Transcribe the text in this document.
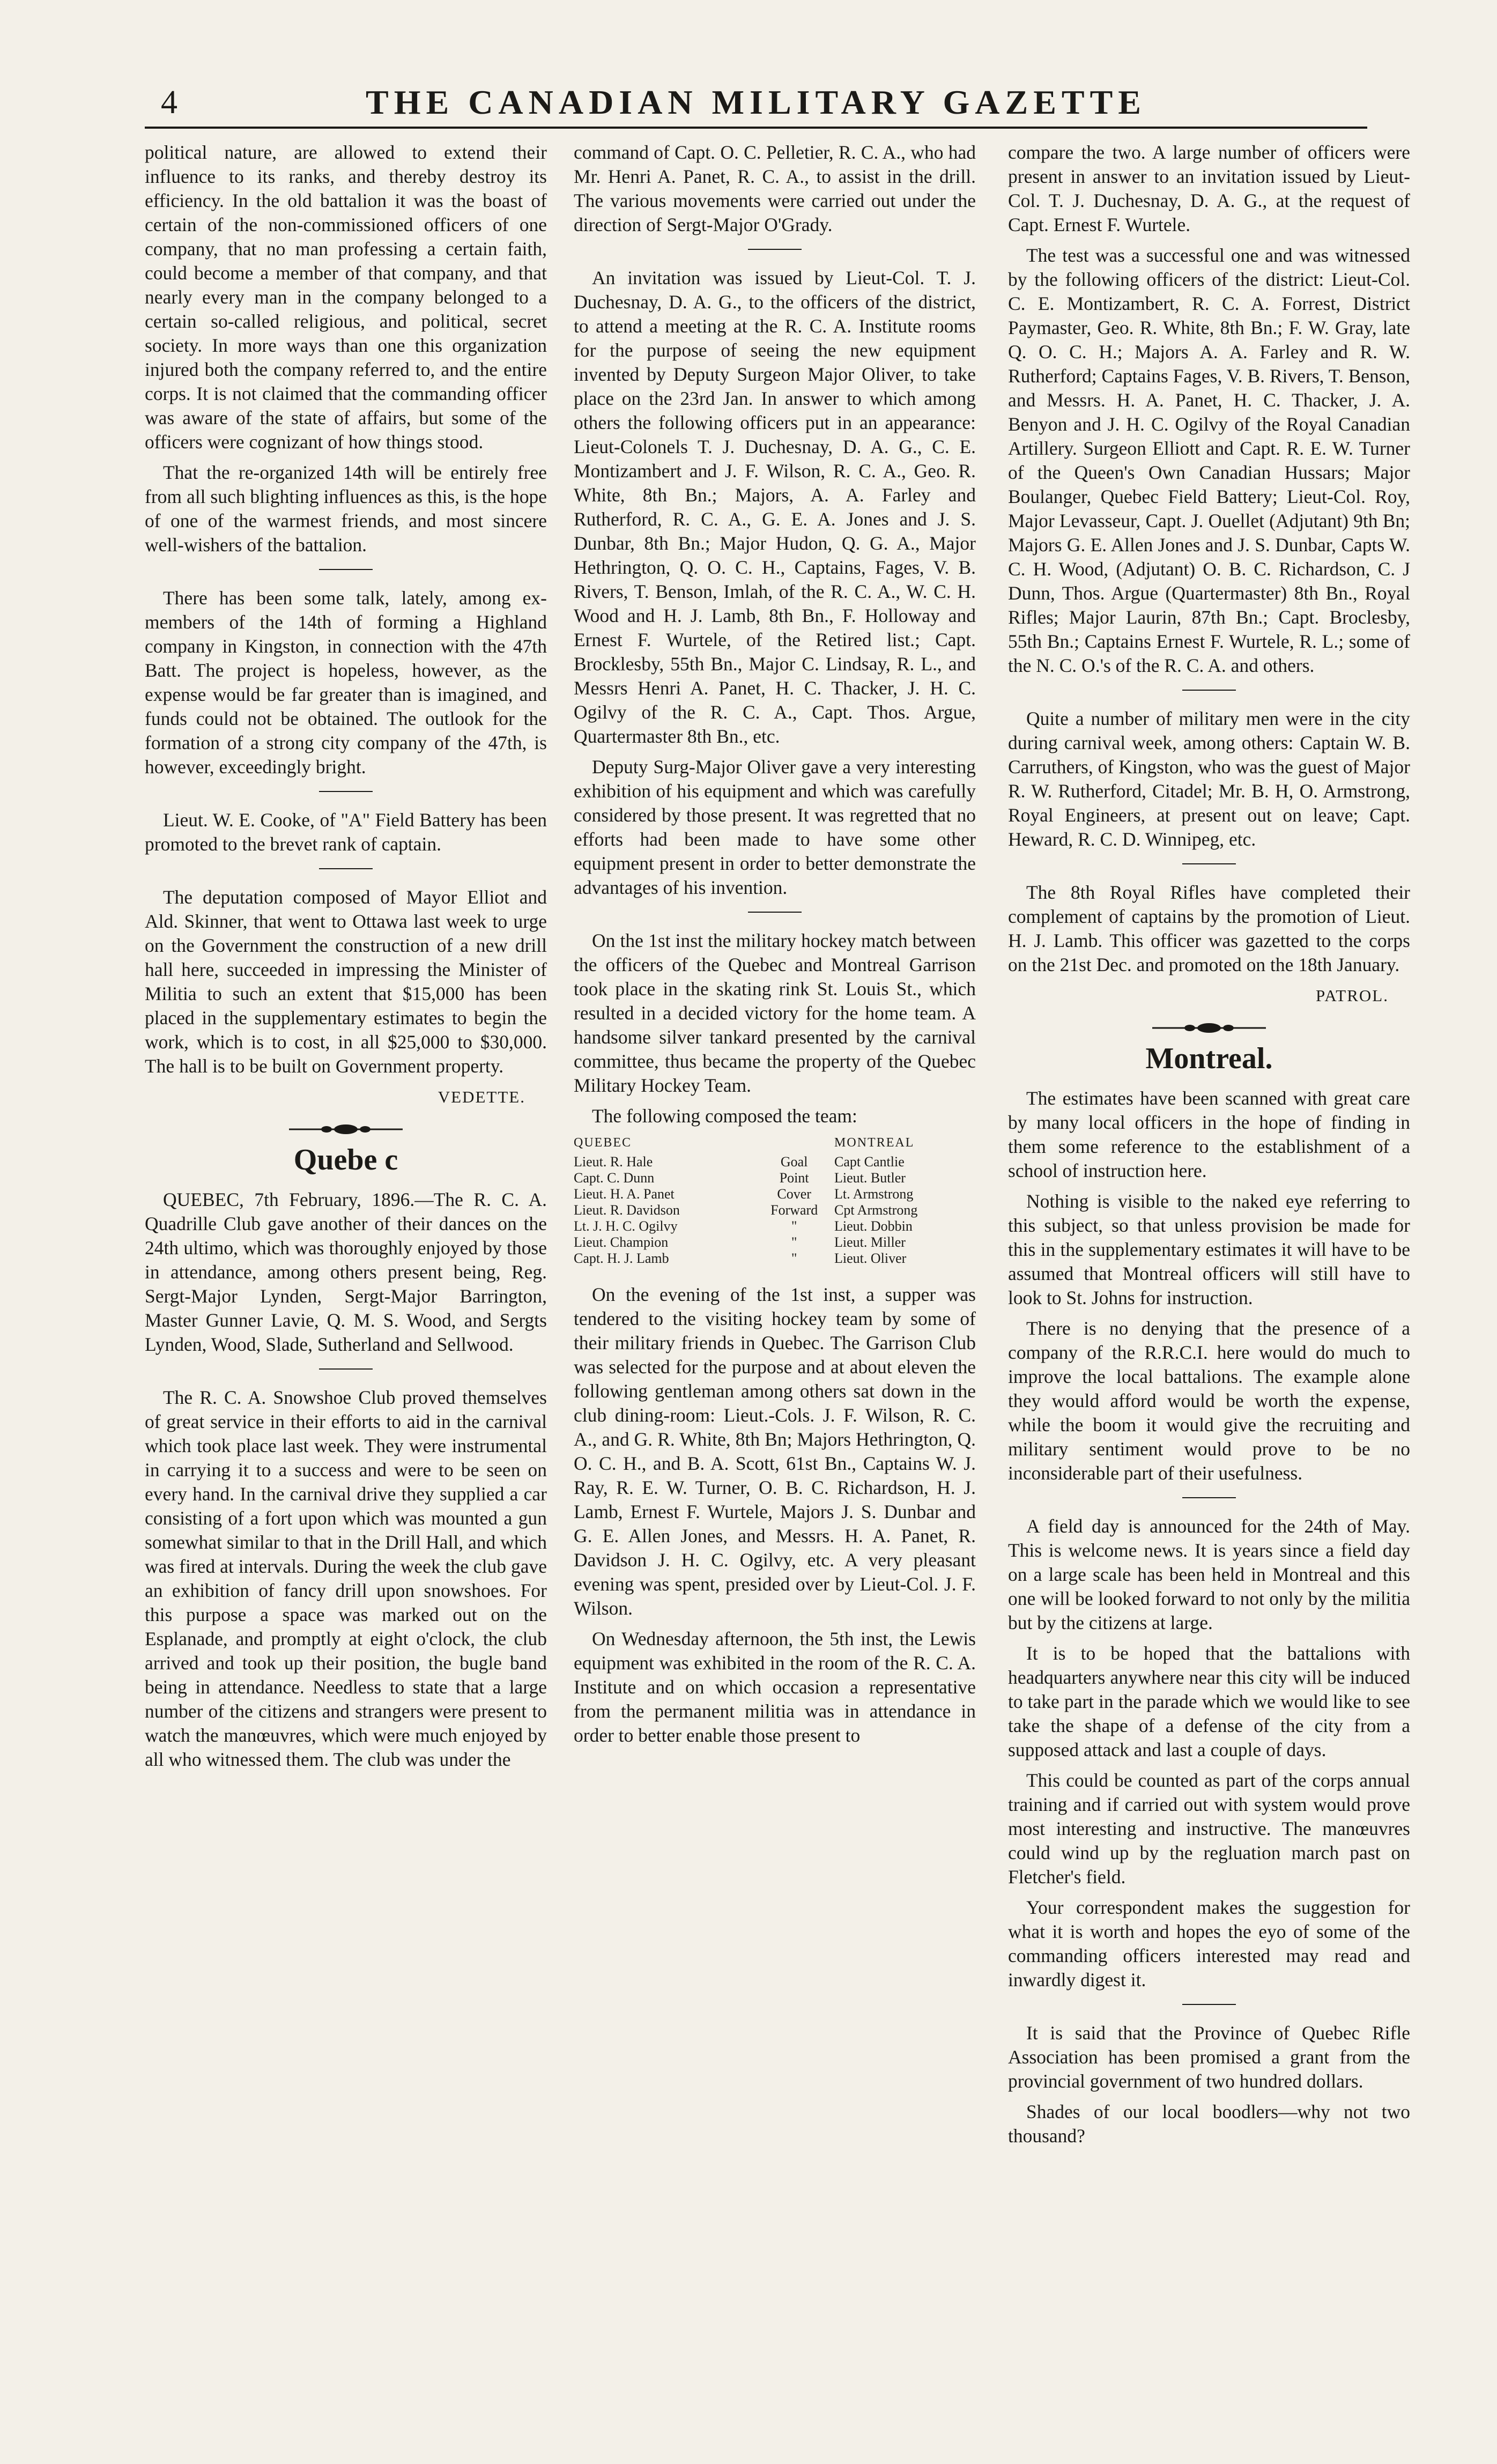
4	THE CANADIAN MILITARY GAZETTE

political nature, are allowed to extend their influence to its ranks, and thereby destroy its efficiency. In the old battalion it was the boast of certain of the non-commissioned officers of one company, that no man professing a certain faith, could become a member of that company, and that nearly every man in the company belonged to a certain so-called religious, and political, secret society. In more ways than one this organization injured both the company referred to, and the entire corps. It is not claimed that the commanding officer was aware of the state of affairs, but some of the officers were cognizant of how things stood.

That the re-organized 14th will be entirely free from all such blighting influences as this, is the hope of one of the warmest friends, and most sincere well-wishers of the battalion.

There has been some talk, lately, among ex-members of the 14th of forming a Highland company in Kingston, in connection with the 47th Batt. The project is hopeless, however, as the expense would be far greater than is imagined, and funds could not be obtained. The outlook for the formation of a strong city company of the 47th, is however, exceedingly bright.

Lieut. W. E. Cooke, of "A" Field Battery has been promoted to the brevet rank of captain.

The deputation composed of Mayor Elliot and Ald. Skinner, that went to Ottawa last week to urge on the Government the construction of a new drill hall here, succeeded in impressing the Minister of Militia to such an extent that $15,000 has been placed in the supplementary estimates to begin the work, which is to cost, in all $25,000 to $30,000. The hall is to be built on Government property.

VEDETTE.

Quebe c

QUEBEC, 7th February, 1896.—The R. C. A. Quadrille Club gave another of their dances on the 24th ultimo, which was thoroughly enjoyed by those in attendance, among others present being, Reg. Sergt-Major Lynden, Sergt-Major Barrington, Master Gunner Lavie, Q. M. S. Wood, and Sergts Lynden, Wood, Slade, Sutherland and Sellwood.

The R. C. A. Snowshoe Club proved themselves of great service in their efforts to aid in the carnival which took place last week. They were instrumental in carrying it to a success and were to be seen on every hand. In the carnival drive they supplied a car consisting of a fort upon which was mounted a gun somewhat similar to that in the Drill Hall, and which was fired at intervals. During the week the club gave an exhibition of fancy drill upon snowshoes. For this purpose a space was marked out on the Esplanade, and promptly at eight o'clock, the club arrived and took up their position, the bugle band being in attendance. Needless to state that a large number of the citizens and strangers were present to watch the manœuvres, which were much enjoyed by all who witnessed them. The club was under the

command of Capt. O. C. Pelletier, R. C. A., who had Mr. Henri A. Panet, R. C. A., to assist in the drill. The various movements were carried out under the direction of Sergt-Major O'Grady.

An invitation was issued by Lieut-Col. T. J. Duchesnay, D. A. G., to the officers of the district, to attend a meeting at the R. C. A. Institute rooms for the purpose of seeing the new equipment invented by Deputy Surgeon Major Oliver, to take place on the 23rd Jan. In answer to which among others the following officers put in an appearance: Lieut-Colonels T. J. Duchesnay, D. A. G., C. E. Montizambert and J. F. Wilson, R. C. A., Geo. R. White, 8th Bn.; Majors, A. A. Farley and Rutherford, R. C. A., G. E. A. Jones and J. S. Dunbar, 8th Bn.; Major Hudon, Q. G. A., Major Hethrington, Q. O. C. H., Captains, Fages, V. B. Rivers, T. Benson, Imlah, of the R. C. A., W. C. H. Wood and H. J. Lamb, 8th Bn., F. Holloway and Ernest F. Wurtele, of the Retired list.; Capt. Brocklesby, 55th Bn., Major C. Lindsay, R. L., and Messrs Henri A. Panet, H. C. Thacker, J. H. C. Ogilvy of the R. C. A., Capt. Thos. Argue, Quartermaster 8th Bn., etc.

Deputy Surg-Major Oliver gave a very interesting exhibition of his equipment and which was carefully considered by those present. It was regretted that no efforts had been made to have some other equipment present in order to better demonstrate the advantages of his invention.

On the 1st inst the military hockey match between the officers of the Quebec and Montreal Garrison took place in the skating rink St. Louis St., which resulted in a decided victory for the home team. A handsome silver tankard presented by the carnival committee, thus became the property of the Quebec Military Hockey Team.

The following composed the team:

QUEBEC		MONTREAL
Lieut. R. Hale	Goal	Capt Cantlie
Capt. C. Dunn	Point	Lieut. Butler
Lieut. H. A. Panet	Cover	Lt. Armstrong
Lieut. R. Davidson	Forward	Cpt Armstrong
Lt. J. H. C. Ogilvy	"	Lieut. Dobbin
Lieut. Champion	"	Lieut. Miller
Capt. H. J. Lamb	"	Lieut. Oliver

On the evening of the 1st inst, a supper was tendered to the visiting hockey team by some of their military friends in Quebec. The Garrison Club was selected for the purpose and at about eleven the following gentleman among others sat down in the club dining-room: Lieut.-Cols. J. F. Wilson, R. C. A., and G. R. White, 8th Bn; Majors Hethrington, Q. O. C. H., and B. A. Scott, 61st Bn., Captains W. J. Ray, R. E. W. Turner, O. B. C. Richardson, H. J. Lamb, Ernest F. Wurtele, Majors J. S. Dunbar and G. E. Allen Jones, and Messrs. H. A. Panet, R. Davidson J. H. C. Ogilvy, etc. A very pleasant evening was spent, presided over by Lieut-Col. J. F. Wilson.

On Wednesday afternoon, the 5th inst, the Lewis equipment was exhibited in the room of the R. C. A. Institute and on which occasion a representative from the permanent militia was in attendance in order to better enable those present to

compare the two. A large number of officers were present in answer to an invitation issued by Lieut-Col. T. J. Duchesnay, D. A. G., at the request of Capt. Ernest F. Wurtele.

The test was a successful one and was witnessed by the following officers of the district: Lieut-Col. C. E. Montizambert, R. C. A. Forrest, District Paymaster, Geo. R. White, 8th Bn.; F. W. Gray, late Q. O. C. H.; Majors A. A. Farley and R. W. Rutherford; Captains Fages, V. B. Rivers, T. Benson, and Messrs. H. A. Panet, H. C. Thacker, J. A. Benyon and J. H. C. Ogilvy of the Royal Canadian Artillery. Surgeon Elliott and Capt. R. E. W. Turner of the Queen's Own Canadian Hussars; Major Boulanger, Quebec Field Battery; Lieut-Col. Roy, Major Levasseur, Capt. J. Ouellet (Adjutant) 9th Bn; Majors G. E. Allen Jones and J. S. Dunbar, Capts W. C. H. Wood, (Adjutant) O. B. C. Richardson, C. J Dunn, Thos. Argue (Quartermaster) 8th Bn., Royal Rifles; Major Laurin, 87th Bn.; Capt. Broclesby, 55th Bn.; Captains Ernest F. Wurtele, R. L.; some of the N. C. O.'s of the R. C. A. and others.

Quite a number of military men were in the city during carnival week, among others: Captain W. B. Carruthers, of Kingston, who was the guest of Major R. W. Rutherford, Citadel; Mr. B. H, O. Armstrong, Royal Engineers, at present out on leave; Capt. Heward, R. C. D. Winnipeg, etc.

The 8th Royal Rifles have completed their complement of captains by the promotion of Lieut. H. J. Lamb. This officer was gazetted to the corps on the 21st Dec. and promoted on the 18th January.

PATROL.

Montreal.

The estimates have been scanned with great care by many local officers in the hope of finding in them some reference to the establishment of a school of instruction here.

Nothing is visible to the naked eye referring to this subject, so that unless provision be made for this in the supplementary estimates it will have to be assumed that Montreal officers will still have to look to St. Johns for instruction.

There is no denying that the presence of a company of the R.R.C.I. here would do much to improve the local battalions. The example alone they would afford would be worth the expense, while the boom it would give the recruiting and military sentiment would prove to be no inconsiderable part of their usefulness.

A field day is announced for the 24th of May. This is welcome news. It is years since a field day on a large scale has been held in Montreal and this one will be looked forward to not only by the militia but by the citizens at large.

It is to be hoped that the battalions with headquarters anywhere near this city will be induced to take part in the parade which we would like to see take the shape of a defense of the city from a supposed attack and last a couple of days.

This could be counted as part of the corps annual training and if carried out with system would prove most interesting and instructive. The manœuvres could wind up by the regluation march past on Fletcher's field.

Your correspondent makes the suggestion for what it is worth and hopes the eyo of some of the commanding officers interested may read and inwardly digest it.

It is said that the Province of Quebec Rifle Association has been promised a grant from the provincial government of two hundred dollars.

Shades of our local boodlers—why not two thousand?
